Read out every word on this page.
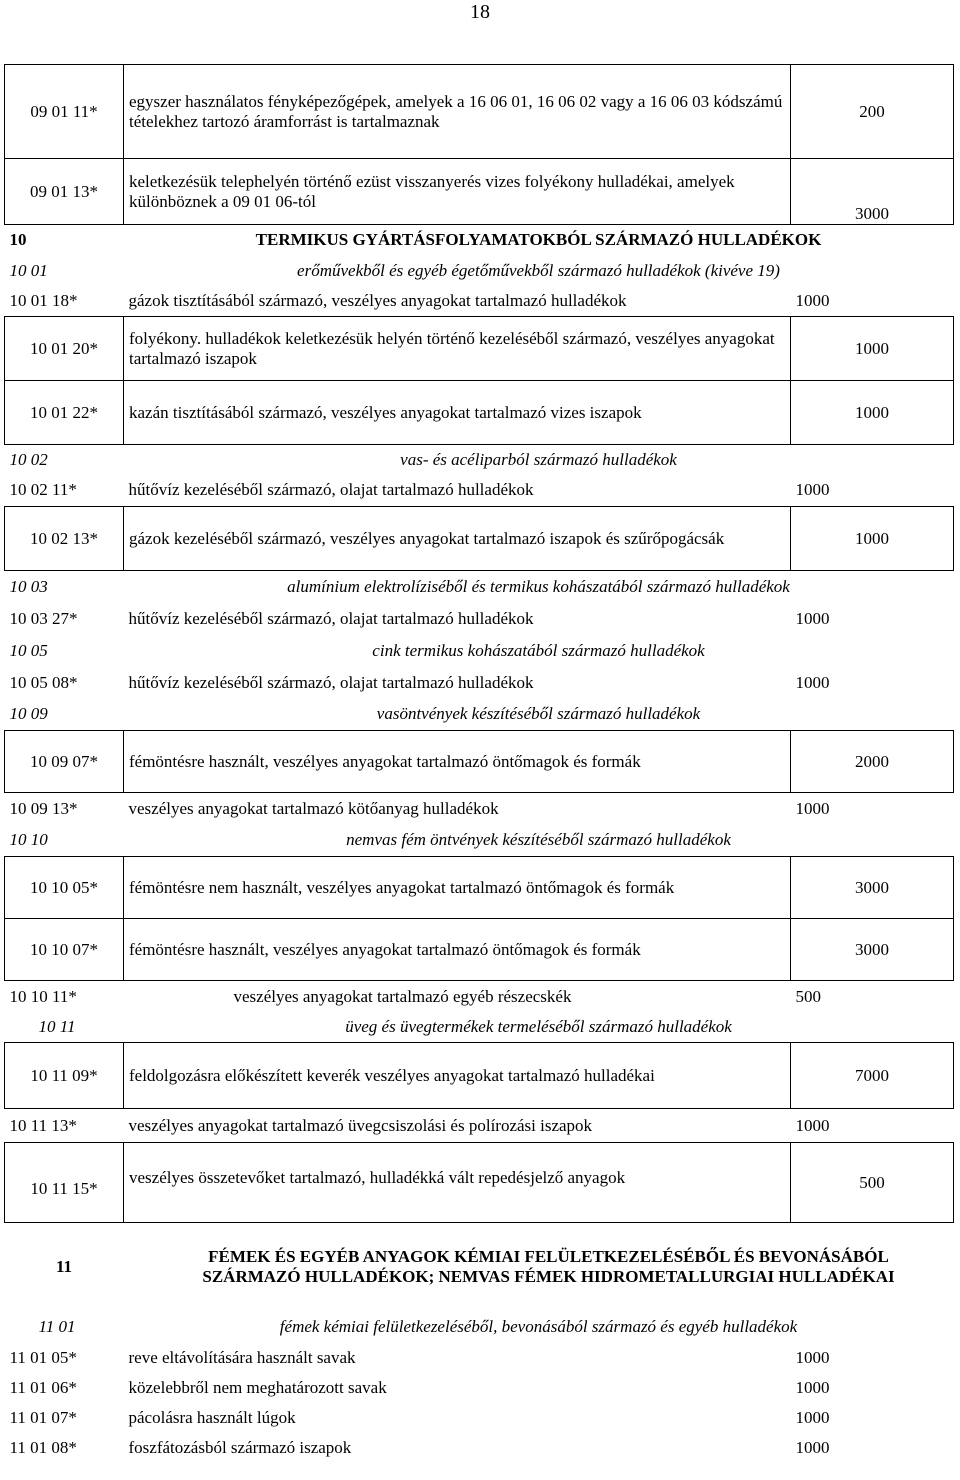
18
09 01 11*	egyszer használatos fényképezőgépek, amelyek a 16 06 01, 16 06 02 vagy a 16 06 03 kódszámú tételekhez tartozó áramforrást is tartalmaznak	200
09 01 13*	keletkezésük telephelyén történő ezüst visszanyerés vizes folyékony hulladékai, amelyek különböznek a 09 01 06-tól	3000
10	TERMIKUS GYÁRTÁSFOLYAMATOKBÓL SZÁRMAZÓ HULLADÉKOK	
10 01	erőművekből és egyéb égetőművekből származó hulladékok (kivéve 19)	
10 01 18*	gázok tisztításából származó, veszélyes anyagokat tartalmazó hulladékok	1000
10 01 20*	folyékony. hulladékok keletkezésük helyén történő kezeléséből származó, veszélyes anyagokat tartalmazó iszapok	1000
10 01 22*	kazán tisztításából származó, veszélyes anyagokat tartalmazó vizes iszapok	1000
10 02	vas- és acéliparból származó hulladékok	
10 02 11*	hűtővíz kezeléséből származó, olajat tartalmazó hulladékok	1000
10 02 13*	gázok kezeléséből származó, veszélyes anyagokat tartalmazó iszapok és szűrőpogácsák	1000
10 03	alumínium elektrolíziséből és termikus kohászatából származó hulladékok	
10 03 27*	hűtővíz kezeléséből származó, olajat tartalmazó hulladékok	1000
10 05	cink termikus kohászatából származó hulladékok	
10 05 08*	hűtővíz kezeléséből származó, olajat tartalmazó hulladékok	1000
10 09	vasöntvények készítéséből származó hulladékok	
10 09 07*	fémöntésre használt, veszélyes anyagokat tartalmazó öntőmagok és formák	2000
10 09 13*	veszélyes anyagokat tartalmazó kötőanyag hulladékok	1000
10 10	nemvas fém öntvények készítéséből származó hulladékok	
10 10 05*	fémöntésre nem használt, veszélyes anyagokat tartalmazó öntőmagok és formák	3000
10 10 07*	fémöntésre használt, veszélyes anyagokat tartalmazó öntőmagok és formák	3000
10 10 11*	veszélyes anyagokat tartalmazó egyéb részecskék	500
10 11	üveg és üvegtermékek termeléséből származó hulladékok	
10 11 09*	feldolgozásra előkészített keverék veszélyes anyagokat tartalmazó hulladékai	7000
10 11 13*	veszélyes anyagokat tartalmazó üvegcsiszolási és polírozási iszapok	1000
10 11 15*	veszélyes összetevőket tartalmazó, hulladékká vált repedésjelző anyagok	500
11	FÉMEK ÉS EGYÉB ANYAGOK KÉMIAI FELÜLETKEZELÉSÉBŐL ÉS BEVONÁSÁBÓL SZÁRMAZÓ HULLADÉKOK; NEMVAS FÉMEK HIDROMETALLURGIAI HULLADÉKAI	
11 01	fémek kémiai felületkezeléséből, bevonásából származó és egyéb hulladékok	
11 01 05*	reve eltávolítására használt savak	1000
11 01 06*	közelebbről nem meghatározott savak	1000
11 01 07*	pácolásra használt lúgok	1000
11 01 08*	foszfátozásból származó iszapok	1000
